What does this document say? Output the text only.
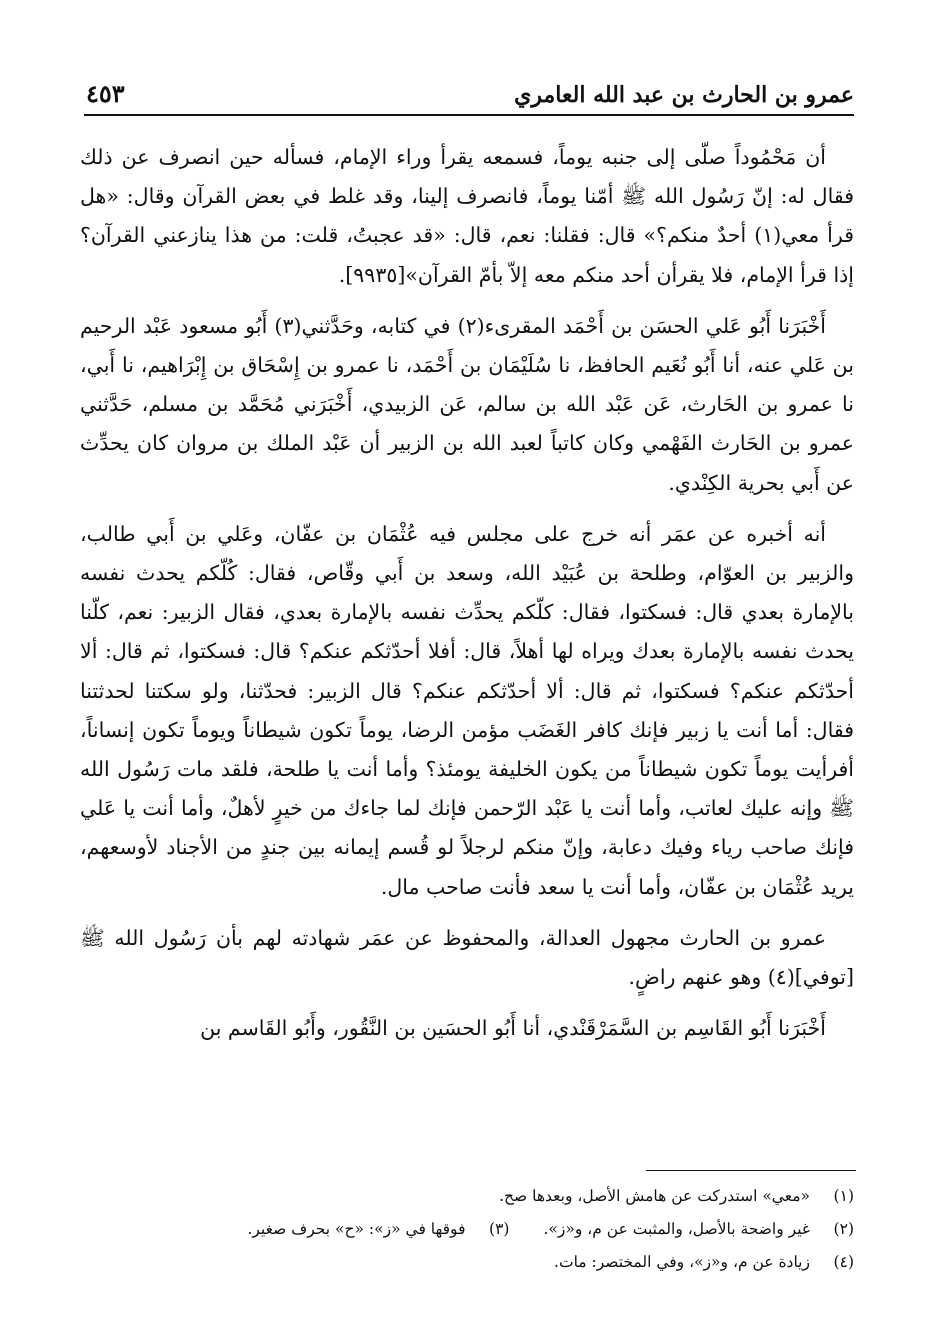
عمرو بن الحارث بن عبد الله العامري
٤٥٣

أن مَحْمُوداً صلّى إلى جنبه يوماً، فسمعه يقرأ وراء الإمام، فسأله حين انصرف عن ذلك فقال له: إنّ رَسُول الله ﷺ أمّنا يوماً، فانصرف إلينا، وقد غلط في بعض القرآن وقال: «هل قرأ معي(١) أحدٌ منكم؟» قال: فقلنا: نعم، قال: «قد عجبتُ، قلت: من هذا ينازعني القرآن؟ إذا قرأ الإمام، فلا يقرأن أحد منكم معه إلاّ بأمّ القرآن»[٩٩٣٥].

أَخْبَرَنا أَبُو عَلي الحسَن بن أَحْمَد المقرىء(٢) في كتابه، وحَدَّثني(٣) أَبُو مسعود عَبْد الرحيم بن عَلي عنه، أنا أَبُو نُعَيم الحافظ، نا سُلَيْمَان بن أَحْمَد، نا عمرو بن إِسْحَاق بن إِبْرَاهيم، نا أَبي، نا عمرو بن الحَارث، عَن عَبْد الله بن سالم، عَن الزبيدي، أَخْبَرَني مُحَمَّد بن مسلم، حَدَّثني عمرو بن الحَارث الفَهْمي وكان كاتباً لعبد الله بن الزبير أن عَبْد الملك بن مروان كان يحدِّث عن أَبي بحرية الكِنْدي.

أنه أخبره عن عمَر أنه خرج على مجلس فيه عُثْمَان بن عفّان، وعَلي بن أَبي طالب، والزبير بن العوّام، وطلحة بن عُبَيْد الله، وسعد بن أَبي وقّاص، فقال: كُلّكم يحدث نفسه بالإمارة بعدي قال: فسكتوا، فقال: كلّكم يحدِّث نفسه بالإمارة بعدي، فقال الزبير: نعم، كلّنا يحدث نفسه بالإمارة بعدك ويراه لها أهلاً، قال: أفلا أحدّثكم عنكم؟ قال: فسكتوا، ثم قال: ألا أحدّثكم عنكم؟ فسكتوا، ثم قال: ألا أحدّثكم عنكم؟ قال الزبير: فحدّثنا، ولو سكتنا لحدثتنا فقال: أما أنت يا زبير فإنك كافر الغَضَب مؤمن الرضا، يوماً تكون شيطاناً ويوماً تكون إنساناً، أفرأيت يوماً تكون شيطاناً من يكون الخليفة يومئذ؟ وأما أنت يا طلحة، فلقد مات رَسُول الله ﷺ وإنه عليك لعاتب، وأما أنت يا عَبْد الرّحمن فإنك لما جاءك من خيرٍ لأهلٌ، وأما أنت يا عَلي فإنك صاحب رياء وفيك دعابة، وإنّ منكم لرجلاً لو قُسم إيمانه بين جندٍ من الأجناد لأوسعهم، يريد عُثْمَان بن عفّان، وأما أنت يا سعد فأنت صاحب مال.

عمرو بن الحارث مجهول العدالة، والمحفوظ عن عمَر شهادته لهم بأن رَسُول الله ﷺ [توفي](٤) وهو عنهم راضٍ.

أَخْبَرَنا أَبُو القَاسِم بن السَّمَرْقَنْدي، أنا أَبُو الحسَين بن النَّقُور، وأَبُو القَاسم بن

(١)
«معي» استدركت عن هامش الأصل، وبعدها صح.

(٢)
غير واضحة بالأصل، والمثبت عن م، و«ز».

(٣)
فوقها في «ز»: «ح» بحرف صغير.

(٤)
زيادة عن م، و«ز»، وفي المختصر: مات.
